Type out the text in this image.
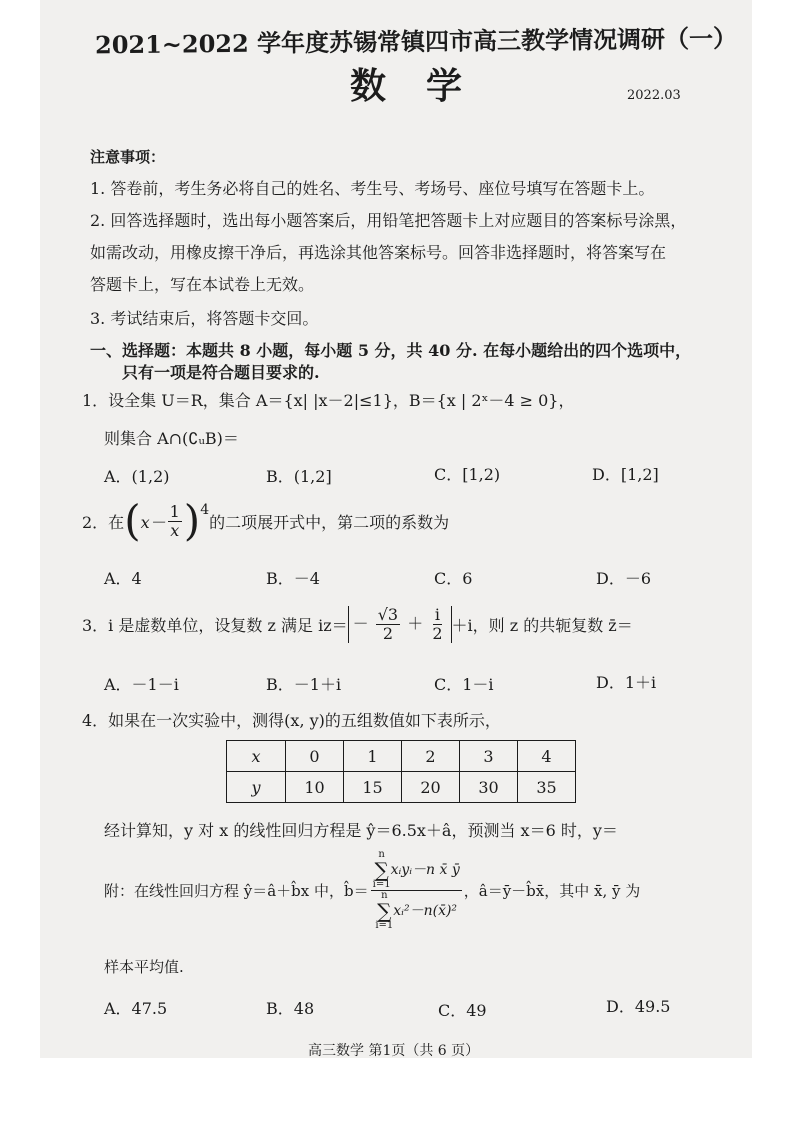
2021~2022 学年度苏锡常镇四市高三教学情况调研（一）
数学	2022.03
注意事项：
1. 答卷前，考生务必将自己的姓名、考生号、考场号、座位号填写在答题卡上。
2. 回答选择题时，选出每小题答案后，用铅笔把答题卡上对应题目的答案标号涂黑，
如需改动，用橡皮擦干净后，再选涂其他答案标号。回答非选择题时，将答案写在
答题卡上，写在本试卷上无效。
3. 考试结束后，将答题卡交回。
一、选择题：本题共 8 小题，每小题 5 分，共 40 分. 在每小题给出的四个选项中，
只有一项是符合题目要求的.
1．设全集 U＝R，集合 A＝{x| |x－2|≤1}，B＝{x | 2ˣ－4 ≥ 0}，
则集合 A∩(∁ᵤB)＝
A．(1,2)	B．(1,2]	C．[1,2)	D．[1,2]
2．在 ( $x- \frac{1}{x}$ ) 4
的二项展开式中，第二项的系数为
A．4	B．－4	C．6	D．－6
3．i 是虚数单位，设复数 z 满足 $iz= - \frac{√3}{2} + \frac{i}{2} +i$，则 z 的共轭复数 z̄＝
A．－1－i	B．－1＋i	C．1－i	D．1＋i
4．如果在一次实验中，测得(x, y)的五组数值如下表所示，
x	0	1	2	3	4
y	10	15	20	30	35
经计算知，y 对 x 的线性回归方程是 ŷ＝6.5x＋â，预测当 x＝6 时，y＝
附：在线性回归方程 ŷ＝â＋b̂x 中，b̂＝ n
∑
i=1
xᵢyᵢ－n x̄ ȳ
n
∑
i=1
xᵢ²－n(x̄)² ，â＝ȳ－b̂x̄，其中 x̄, ȳ 为
样本平均值.
A．47.5	B．48	C．49	D．49.5
高三数学 第1页（共 6 页）
